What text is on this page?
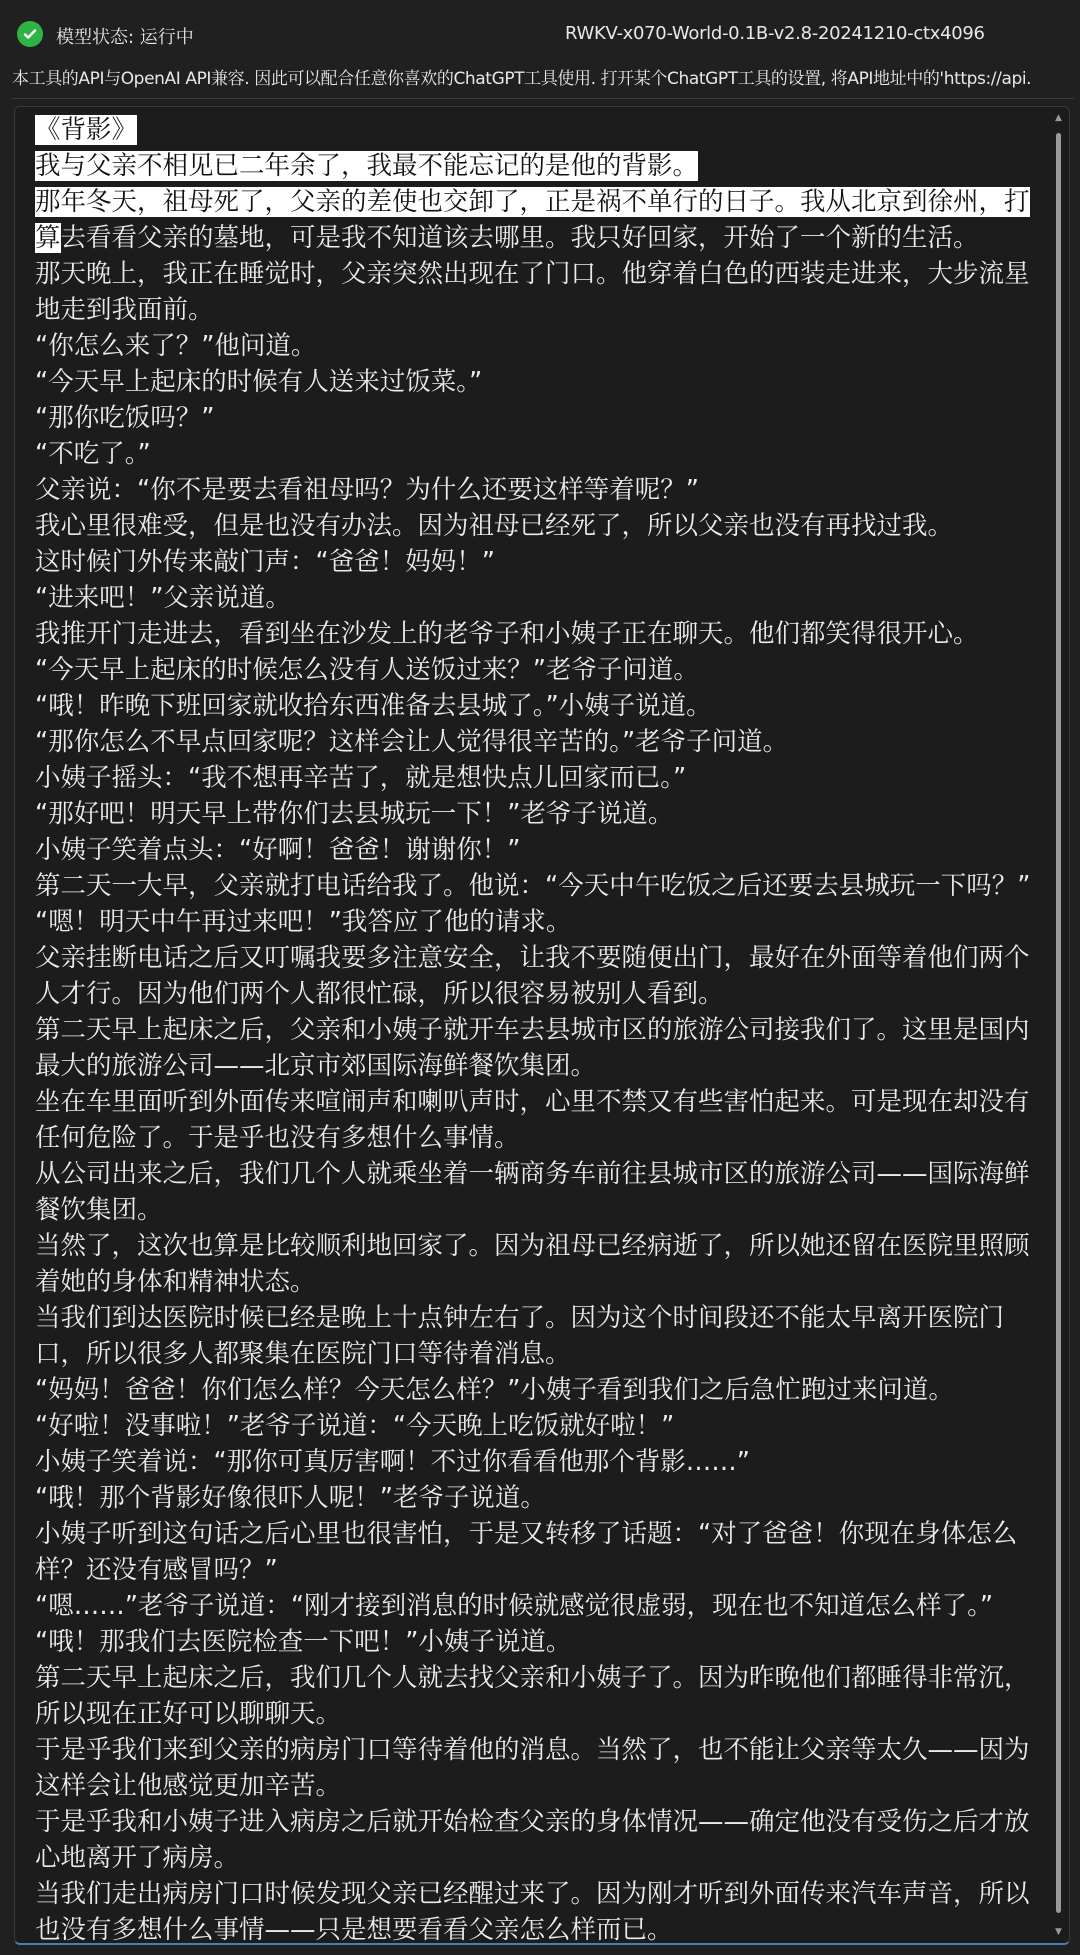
模型状态: 运行中	RWKV-x070-World-0.1B-v2.8-20241210-ctx4096
本工具的API与OpenAI API兼容. 因此可以配合任意你喜欢的ChatGPT工具使用. 打开某个ChatGPT工具的设置, 将API地址中的'https://api.
《背影》
我与父亲不相见已二年余了，我最不能忘记的是他的背影。
那年冬天，祖母死了，父亲的差使也交卸了，正是祸不单行的日子。我从北京到徐州，打
算去看看父亲的墓地，可是我不知道该去哪里。我只好回家，开始了一个新的生活。
那天晚上，我正在睡觉时，父亲突然出现在了门口。他穿着白色的西装走进来，大步流星
地走到我面前。
“你怎么来了？”他问道。
“今天早上起床的时候有人送来过饭菜。”
“那你吃饭吗？”
“不吃了。”
父亲说：“你不是要去看祖母吗？为什么还要这样等着呢？”
我心里很难受，但是也没有办法。因为祖母已经死了，所以父亲也没有再找过我。
这时候门外传来敲门声：“爸爸！妈妈！”
“进来吧！”父亲说道。
我推开门走进去，看到坐在沙发上的老爷子和小姨子正在聊天。他们都笑得很开心。
“今天早上起床的时候怎么没有人送饭过来？”老爷子问道。
“哦！昨晚下班回家就收拾东西准备去县城了。”小姨子说道。
“那你怎么不早点回家呢？这样会让人觉得很辛苦的。”老爷子问道。
小姨子摇头：“我不想再辛苦了，就是想快点儿回家而已。”
“那好吧！明天早上带你们去县城玩一下！”老爷子说道。
小姨子笑着点头：“好啊！爸爸！谢谢你！”
第二天一大早，父亲就打电话给我了。他说：“今天中午吃饭之后还要去县城玩一下吗？”
“嗯！明天中午再过来吧！”我答应了他的请求。
父亲挂断电话之后又叮嘱我要多注意安全，让我不要随便出门，最好在外面等着他们两个
人才行。因为他们两个人都很忙碌，所以很容易被别人看到。
第二天早上起床之后，父亲和小姨子就开车去县城市区的旅游公司接我们了。这里是国内
最大的旅游公司——北京市郊国际海鲜餐饮集团。
坐在车里面听到外面传来喧闹声和喇叭声时，心里不禁又有些害怕起来。可是现在却没有
任何危险了。于是乎也没有多想什么事情。
从公司出来之后，我们几个人就乘坐着一辆商务车前往县城市区的旅游公司——国际海鲜
餐饮集团。
当然了，这次也算是比较顺利地回家了。因为祖母已经病逝了，所以她还留在医院里照顾
着她的身体和精神状态。
当我们到达医院时候已经是晚上十点钟左右了。因为这个时间段还不能太早离开医院门
口，所以很多人都聚集在医院门口等待着消息。
“妈妈！爸爸！你们怎么样？今天怎么样？”小姨子看到我们之后急忙跑过来问道。
“好啦！没事啦！”老爷子说道：“今天晚上吃饭就好啦！”
小姨子笑着说：“那你可真厉害啊！不过你看看他那个背影……”
“哦！那个背影好像很吓人呢！”老爷子说道。
小姨子听到这句话之后心里也很害怕，于是又转移了话题：“对了爸爸！你现在身体怎么
样？还没有感冒吗？”
“嗯……”老爷子说道：“刚才接到消息的时候就感觉很虚弱，现在也不知道怎么样了。”
“哦！那我们去医院检查一下吧！”小姨子说道。
第二天早上起床之后，我们几个人就去找父亲和小姨子了。因为昨晚他们都睡得非常沉，
所以现在正好可以聊聊天。
于是乎我们来到父亲的病房门口等待着他的消息。当然了，也不能让父亲等太久——因为
这样会让他感觉更加辛苦。
于是乎我和小姨子进入病房之后就开始检查父亲的身体情况——确定他没有受伤之后才放
心地离开了病房。
当我们走出病房门口时候发现父亲已经醒过来了。因为刚才听到外面传来汽车声音，所以
也没有多想什么事情——只是想要看看父亲怎么样而已。
▲
▼
